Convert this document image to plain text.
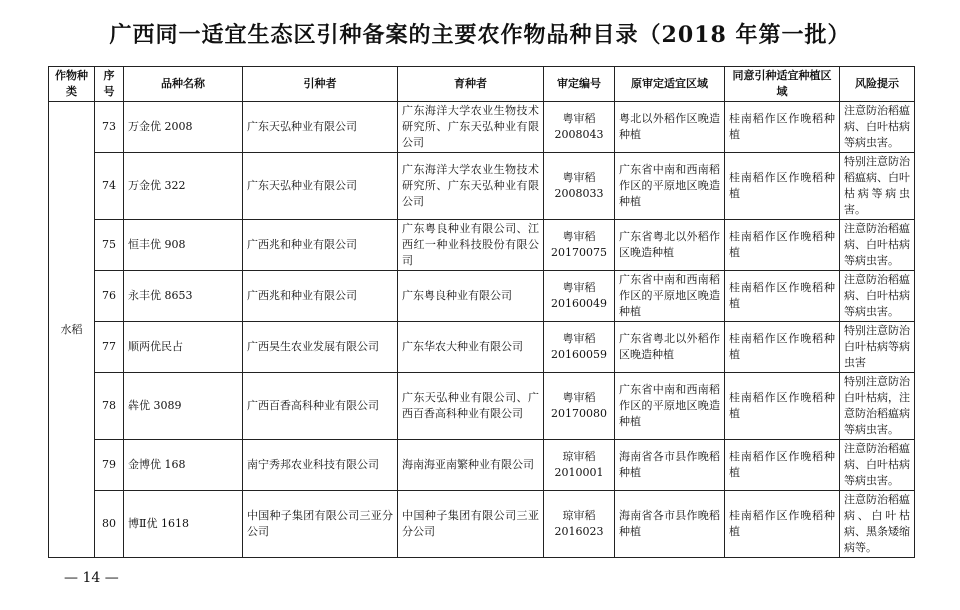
广西同一适宜生态区引种备案的主要农作物品种目录（2018 年第一批）
作物种类	序号	品种名称	引种者	育种者	审定编号	原审定适宜区域	同意引种适宜种植区域	风险提示
水稻	73	万金优 2008	广东天弘种业有限公司	广东海洋大学农业生物技术研究所、广东天弘种业有限公司	粤审稻 2008043	粤北以外稻作区晚造种植	桂南稻作区作晚稻种植	注意防治稻瘟病、白叶枯病等病虫害。
	74	万金优 322	广东天弘种业有限公司	广东海洋大学农业生物技术研究所、广东天弘种业有限公司	粤审稻 2008033	广东省中南和西南稻作区的平原地区晚造种植	桂南稻作区作晚稻种植	特别注意防治稻瘟病、白叶枯病等病虫害。
	75	恒丰优 908	广西兆和种业有限公司	广东粤良种业有限公司、江西红一种业科技股份有限公司	粤审稻 20170075	广东省粤北以外稻作区晚造种植	桂南稻作区作晚稻种植	注意防治稻瘟病、白叶枯病等病虫害。
	76	永丰优 8653	广西兆和种业有限公司	广东粤良种业有限公司	粤审稻 20160049	广东省中南和西南稻作区的平原地区晚造种植	桂南稻作区作晚稻种植	注意防治稻瘟病、白叶枯病等病虫害。
	77	顺两优民占	广西昊生农业发展有限公司	广东华农大种业有限公司	粤审稻 20160059	广东省粤北以外稻作区晚造种植	桂南稻作区作晚稻种植	特别注意防治白叶枯病等病虫害
	78	犇优 3089	广西百香高科种业有限公司	广东天弘种业有限公司、广西百香高科种业有限公司	粤审稻 20170080	广东省中南和西南稻作区的平原地区晚造种植	桂南稻作区作晚稻种植	特别注意防治白叶枯病，注意防治稻瘟病等病虫害。
	79	金博优 168	南宁秀邦农业科技有限公司	海南海亚南繁种业有限公司	琼审稻 2010001	海南省各市县作晚稻种植	桂南稻作区作晚稻种植	注意防治稻瘟病、白叶枯病等病虫害。
	80	博Ⅱ优 1618	中国种子集团有限公司三亚分公司	中国种子集团有限公司三亚分公司	琼审稻 2016023	海南省各市县作晚稻种植	桂南稻作区作晚稻种植	注意防治稻瘟病、白叶枯病、黑条矮缩病等。
— 14 —
